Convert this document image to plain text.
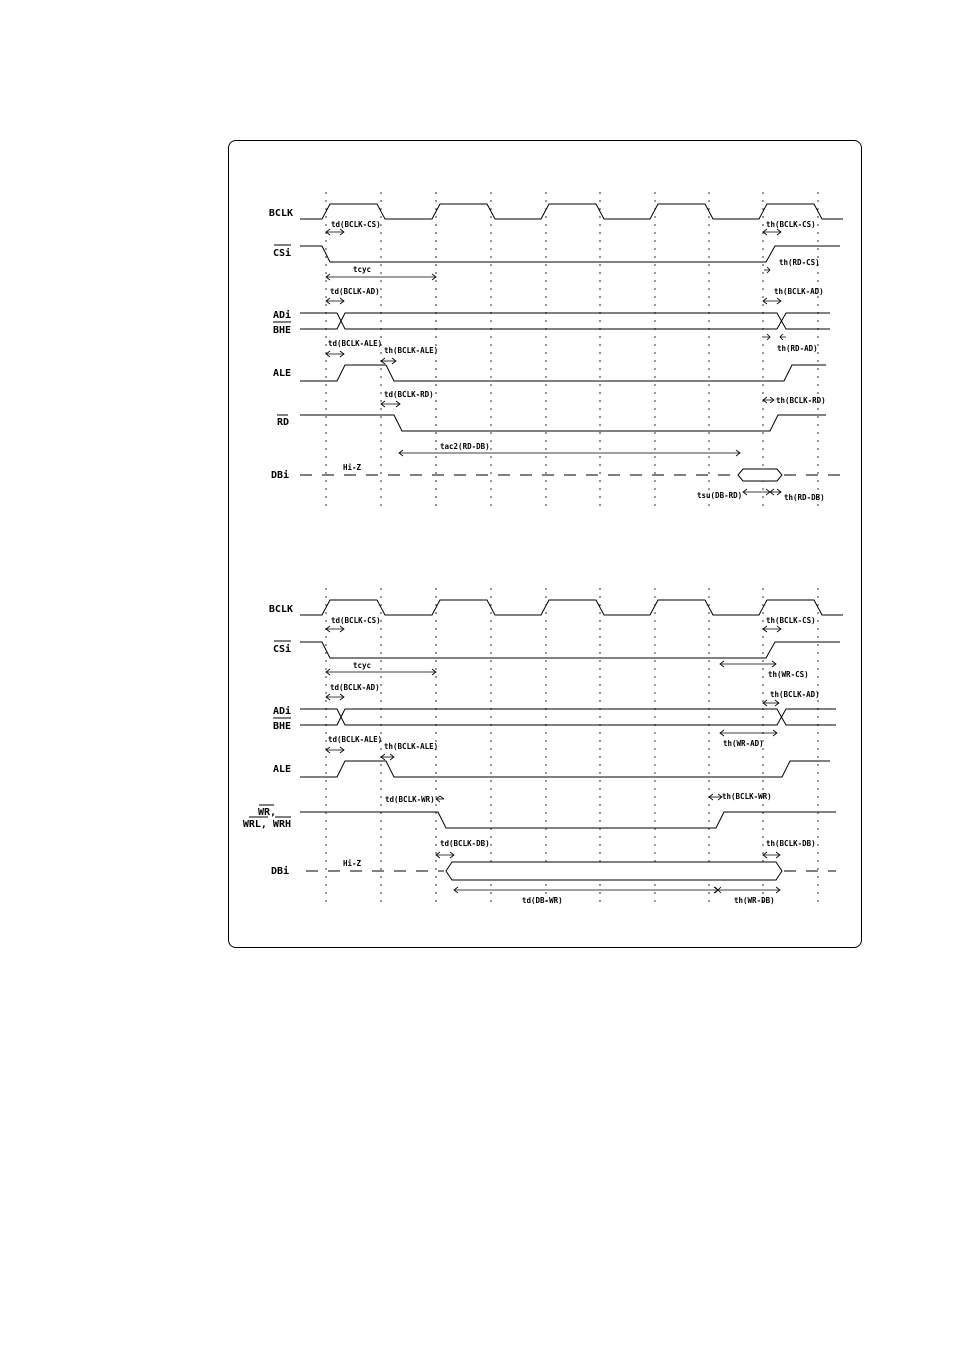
BCLK
CSi
ADi
BHE
ALE
RD
DBi
Hi-Z
td(BCLK-CS)	th(BCLK-CS)
tcyc
th(RD-CS)
td(BCLK-AD)	th(BCLK-AD)
td(BCLK-ALE)
th(BCLK-ALE)	th(RD-AD)
td(BCLK-RD)
th(BCLK-RD)
tac2(RD-DB)
tsu(DB-RD)	th(RD-DB)
BCLK
CSi
ADi
BHE
ALE
WR,
WRL, WRH
DBi
Hi-Z
td(BCLK-CS)	th(BCLK-CS)
tcyc
th(WR-CS)
td(BCLK-AD)
th(BCLK-AD)
td(BCLK-ALE)
th(BCLK-ALE)	th(WR-AD)
td(BCLK-WR)	th(BCLK-WR)
td(BCLK-DB)	th(BCLK-DB)
td(DB-WR)	th(WR-DB)
